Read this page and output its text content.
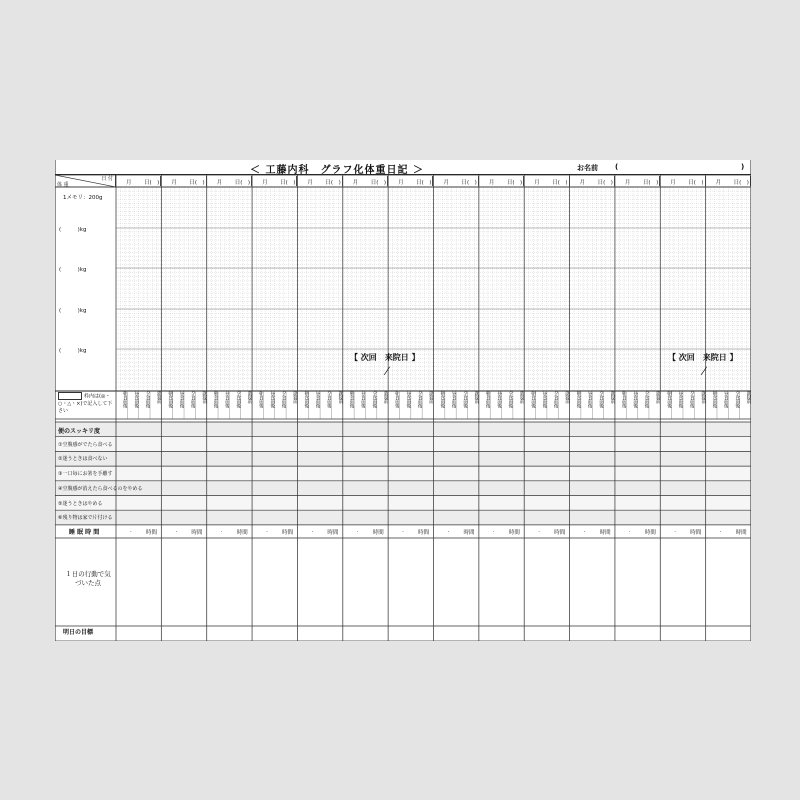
＜ 工藤内科　グラフ化体重日記 ＞	お名前 (	)
日 付
体 重	月 日(　) 月 日(　) 月 日(　) 月 日(　) 月 日(　) 月 日(　) 月 日(　) 月 日(　) 月 日(　) 月 日(　) 月 日(　) 月 日(　) 月 日(　) 月 日(　)
1メモリ：200g
(　　　)kg
(　　　)kg
(　　　)kg
(　　　)kg
【 次回　来院日 】
/
【 次回　来院日 】
/
枠内は(◎・○・△・×)で記入して下さい
朝食前後	昼食前後	夕食前後	就寝前	朝食前後	昼食前後	夕食前後	就寝前	朝食前後	昼食前後	夕食前後	就寝前	朝食前後	昼食前後	夕食前後	就寝前	朝食前後	昼食前後	夕食前後	就寝前	朝食前後	昼食前後	夕食前後	就寝前	朝食前後	昼食前後	夕食前後	就寝前	朝食前後	昼食前後	夕食前後	就寝前	朝食前後	昼食前後	夕食前後	就寝前	朝食前後	昼食前後	夕食前後	就寝前	朝食前後	昼食前後	夕食前後	就寝前	朝食前後	昼食前後	夕食前後	就寝前	朝食前後	昼食前後	夕食前後	就寝前	朝食前後	昼食前後	夕食前後	就寝前
便のスッキリ度
①空腹感がでたら食べる
②迷うときは食べない
③一口毎にお箸を手離す
④空腹感が消えたら食べるのをやめる
⑤迷うときはやめる
⑥残り物は家で片付ける
睡 眠 時 間	.	時間	.	時間	.	時間	.	時間	.	時間	.	時間	.	時間	.	時間	.	時間	.	時間	.	時間	.	時間	.	時間	.	時間
１日の行動で気づいた点
明日の目標
